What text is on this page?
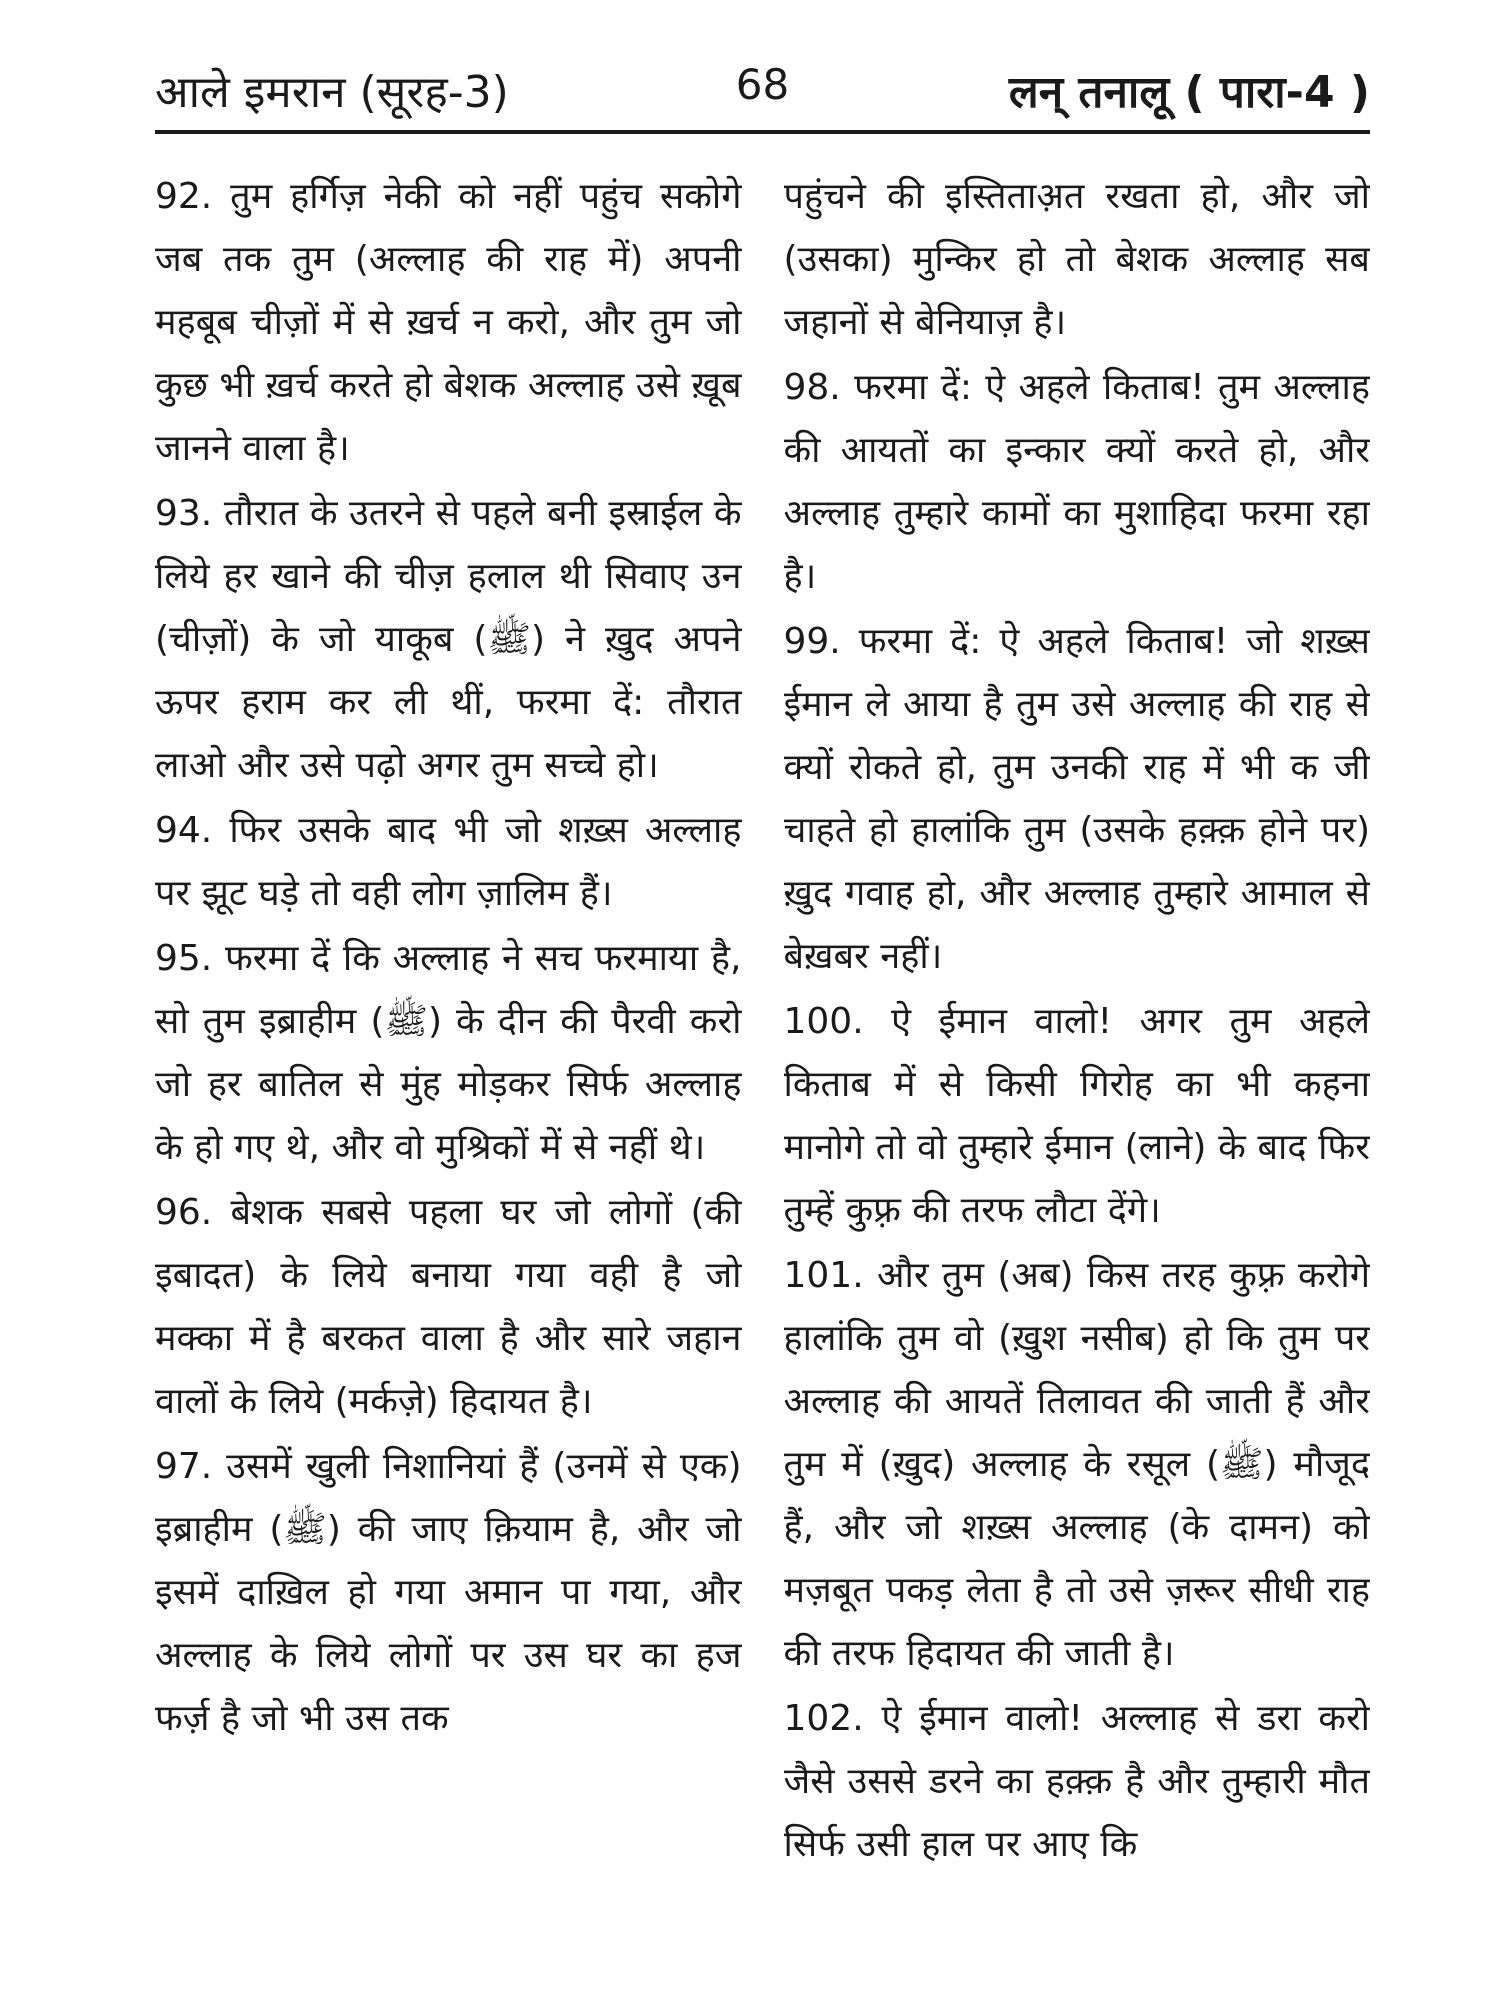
आले इमरान (सूरह-3)	68	लन् तनालू ( पारा-4 )

92. तुम हर्गिज़ नेकी को नहीं पहुंच सकोगे जब तक तुम (अल्लाह की राह में) अपनी महबूब चीज़ों में से ख़र्च न करो, और तुम जो कुछ भी ख़र्च करते हो बेशक अल्लाह उसे ख़ूब जानने वाला है।

93. तौरात के उतरने से पहले बनी इस्राईल के लिये हर खाने की चीज़ हलाल थी सिवाए उन (चीज़ों) के जो याकूब (ﷺ) ने ख़ुद अपने ऊपर हराम कर ली थीं, फरमा दें: तौरात लाओ और उसे पढ़ो अगर तुम सच्चे हो।

94. फिर उसके बाद भी जो शख़्स अल्लाह पर झूट घड़े तो वही लोग ज़ालिम हैं।

95. फरमा दें कि अल्लाह ने सच फरमाया है, सो तुम इब्राहीम (ﷺ) के दीन की पैरवी करो जो हर बातिल से मुंह मोड़कर सिर्फ अल्लाह के हो गए थे, और वो मुश्रिकों में से नहीं थे।

96. बेशक सबसे पहला घर जो लोगों (की इबादत) के लिये बनाया गया वही है जो मक्का में है बरकत वाला है और सारे जहान वालों के लिये (मर्कज़े) हिदायत है।

97. उसमें खुली निशानियां हैं (उनमें से एक) इब्राहीम (ﷺ) की जाए क़ियाम है, और जो इसमें दाख़िल हो गया अमान पा गया, और अल्लाह के लिये लोगों पर उस घर का हज फर्ज़ है जो भी उस तक

पहुंचने की इस्तिताअ़त रखता हो, और जो (उसका) मुन्किर हो तो बेशक अल्लाह सब जहानों से बेनियाज़ है।

98. फरमा दें: ऐ अहले किताब! तुम अल्लाह की आयतों का इन्कार क्यों करते हो, और अल्लाह तुम्हारे कामों का मुशाहिदा फरमा रहा है।

99. फरमा दें: ऐ अहले किताब! जो शख़्स ईमान ले आया है तुम उसे अल्लाह की राह से क्यों रोकते हो, तुम उनकी राह में भी क जी चाहते हो हालांकि तुम (उसके हक़्क़ होने पर) ख़ुद गवाह हो, और अल्लाह तुम्हारे आमाल से बेख़बर नहीं।

100. ऐ ईमान वालो! अगर तुम अहले किताब में से किसी गिरोह का भी कहना मानोगे तो वो तुम्हारे ईमान (लाने) के बाद फिर तुम्हें कुफ़्र की तरफ लौटा देंगे।

101. और तुम (अब) किस तरह कुफ़्र करोगे हालांकि तुम वो (ख़ुश नसीब) हो कि तुम पर अल्लाह की आयतें तिलावत की जाती हैं और तुम में (ख़ुद) अल्लाह के रसूल (ﷺ) मौजूद हैं, और जो शख़्स अल्लाह (के दामन) को मज़बूत पकड़ लेता है तो उसे ज़रूर सीधी राह की तरफ हिदायत की जाती है।

102. ऐ ईमान वालो! अल्लाह से डरा करो जैसे उससे डरने का हक़्क़ है और तुम्हारी मौत सिर्फ उसी हाल पर आए कि
